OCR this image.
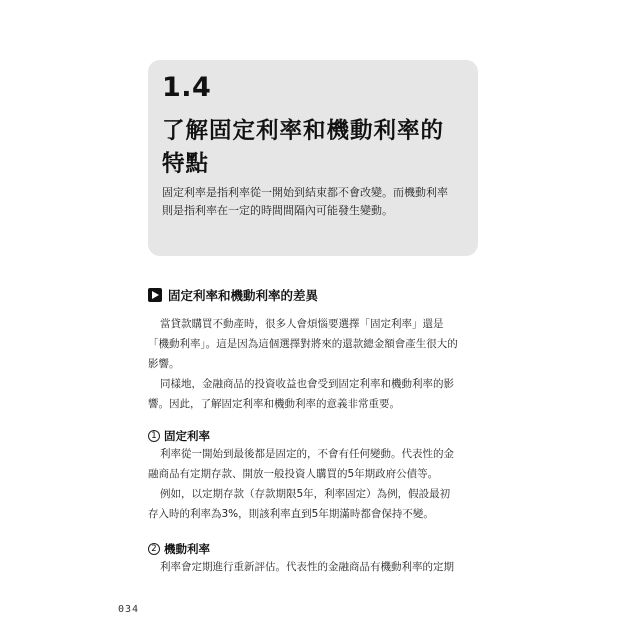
1.4
了解固定利率和機動利率的
特點
固定利率是指利率從一開始到結束都不會改變。而機動利率
則是指利率在一定的時間間隔內可能發生變動。
固定利率和機動利率的差異
當貸款購買不動產時，很多人會煩惱要選擇「固定利率」還是
「機動利率」。這是因為這個選擇對將來的還款總金額會產生很大的
影響。
同樣地，金融商品的投資收益也會受到固定利率和機動利率的影
響。因此，了解固定利率和機動利率的意義非常重要。
1 固定利率
利率從一開始到最後都是固定的，不會有任何變動。代表性的金
融商品有定期存款、開放一般投資人購買的5年期政府公債等。
例如，以定期存款（存款期限5年，利率固定）為例，假設最初
存入時的利率為3%，則該利率直到5年期滿時都會保持不變。
2 機動利率
利率會定期進行重新評估。代表性的金融商品有機動利率的定期
034
